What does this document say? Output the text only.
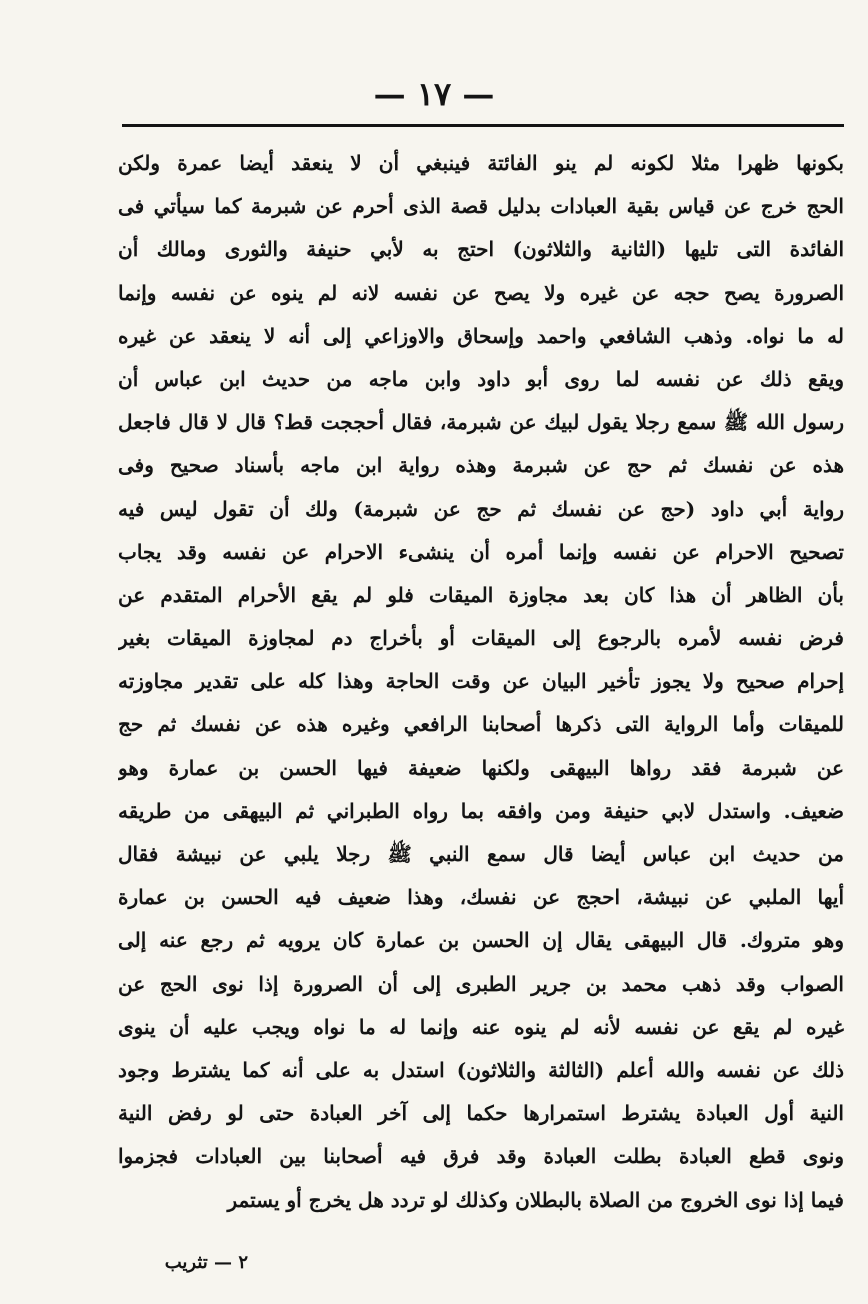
— ١٧ —
بكونها ظهرا مثلا لكونه لم ينو الفائتة فينبغي أن لا ينعقد أيضا عمرة ولكن
الحج خرج عن قياس بقية العبادات بدليل قصة الذى أحرم عن شبرمة كما سيأتي فى
الفائدة التى تليها (الثانية والثلاثون) احتج به لأبي حنيفة والثورى ومالك أن
الصرورة يصح حجه عن غيره ولا يصح عن نفسه لانه لم ينوه عن نفسه وإنما
له ما نواه. وذهب الشافعي واحمد وإسحاق والاوزاعي إلى أنه لا ينعقد عن غيره
ويقع ذلك عن نفسه لما روى أبو داود وابن ماجه من حديث ابن عباس أن
رسول الله ﷺ سمع رجلا يقول لبيك عن شبرمة، فقال أحججت قط؟ قال لا قال فاجعل
هذه عن نفسك ثم حج عن شبرمة وهذه رواية ابن ماجه بأسناد صحيح وفى
رواية أبي داود (حج عن نفسك ثم حج عن شبرمة) ولك أن تقول ليس فيه
تصحيح الاحرام عن نفسه وإنما أمره أن ينشىء الاحرام عن نفسه وقد يجاب
بأن الظاهر أن هذا كان بعد مجاوزة الميقات فلو لم يقع الأحرام المتقدم عن
فرض نفسه لأمره بالرجوع إلى الميقات أو بأخراج دم لمجاوزة الميقات بغير
إحرام صحيح ولا يجوز تأخير البيان عن وقت الحاجة وهذا كله على تقدير مجاوزته
للميقات وأما الرواية التى ذكرها أصحابنا الرافعي وغيره هذه عن نفسك ثم حج
عن شبرمة فقد رواها البيهقى ولكنها ضعيفة فيها الحسن بن عمارة وهو
ضعيف. واستدل لابي حنيفة ومن وافقه بما رواه الطبراني ثم البيهقى من طريقه
من حديث ابن عباس أيضا قال سمع النبي ﷺ رجلا يلبي عن نبيشة فقال
أيها الملبي عن نبيشة، احجج عن نفسك، وهذا ضعيف فيه الحسن بن عمارة
وهو متروك. قال البيهقى يقال إن الحسن بن عمارة كان يرويه ثم رجع عنه إلى
الصواب وقد ذهب محمد بن جرير الطبرى إلى أن الصرورة إذا نوى الحج عن
غيره لم يقع عن نفسه لأنه لم ينوه عنه وإنما له ما نواه ويجب عليه أن ينوى
ذلك عن نفسه والله أعلم (الثالثة والثلاثون) استدل به على أنه كما يشترط وجود
النية أول العبادة يشترط استمرارها حكما إلى آخر العبادة حتى لو رفض النية
ونوى قطع العبادة بطلت العبادة وقد فرق فيه أصحابنا بين العبادات فجزموا
فيما إذا نوى الخروج من الصلاة بالبطلان وكذلك لو تردد هل يخرج أو يستمر
٢ — تثريب
